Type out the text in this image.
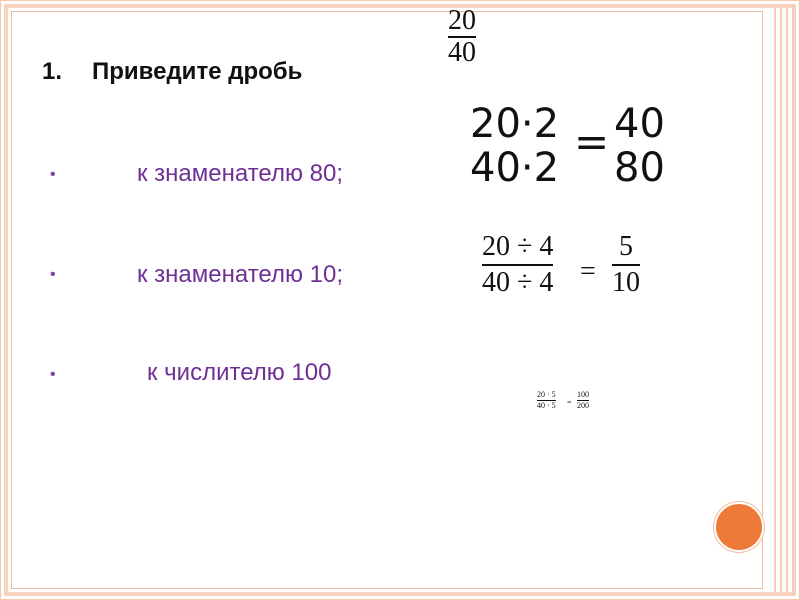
1. Приведите дробь
20
40
•	к знаменателю 80;
•	к знаменателю 10;
•	к числителю 100
20·2
40·2
= 40
80
20 ÷ 4
40 ÷ 4 =
5
10
20 · 5
40 · 5 =
100
200
